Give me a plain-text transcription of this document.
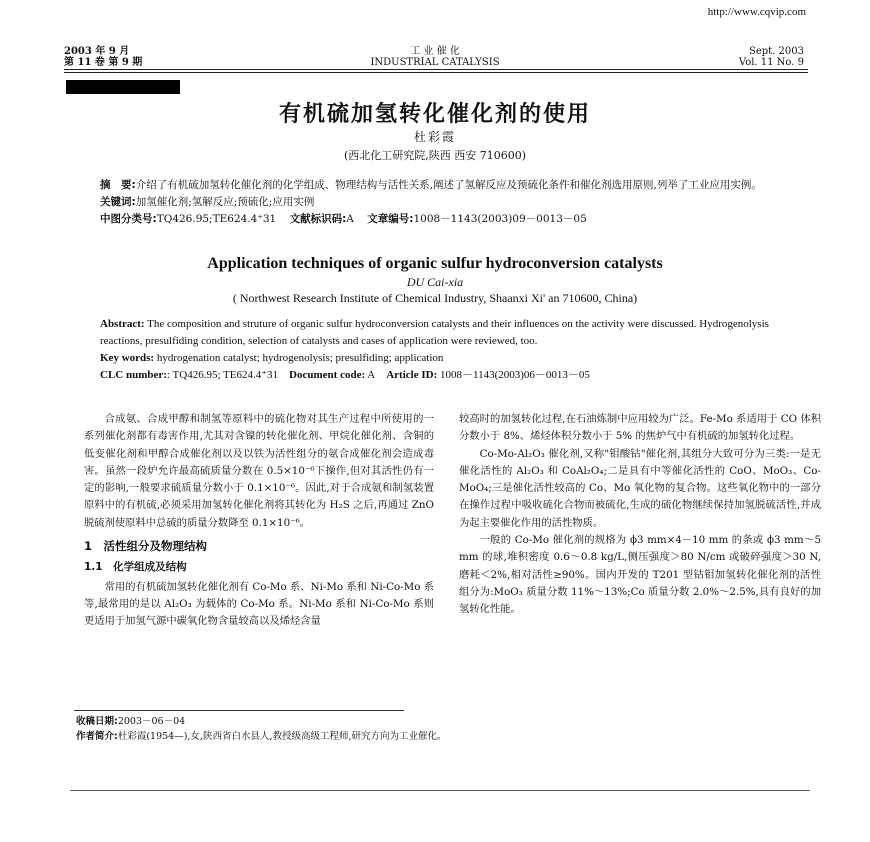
http://www.cqvip.com
2003 年 9 月
第 11 卷 第 9 期
工 业 催 化
INDUSTRIAL CATALYSIS
Sept. 2003
Vol. 11 No. 9
有机硫加氢转化催化剂的使用
杜彩霞
(西北化工研究院,陕西 西安 710600)
摘　要:介绍了有机硫加氢转化催化剂的化学组成、物理结构与活性关系,阐述了氢解反应及预硫化条件和催化剂选用原则,列举了工业应用实例。
关键词:加氢催化剂;氢解反应;预硫化;应用实例
中图分类号:TQ426.95;TE624.4⁺31 文献标识码:A 文章编号:1008－1143(2003)09－0013－05
Application techniques of organic sulfur hydroconversion catalysts
DU Cai-xia
( Northwest Research Institute of Chemical Industry, Shaanxi Xi' an 710600, China)
Abstract: The composition and struture of organic sulfur hydroconversion catalysts and their influences on the activity were discussed. Hydrogenolysis reactions, presulfiding condition, selection of catalysts and cases of application were reviewed, too.
Key words: hydrogenation catalyst; hydrogenolysis; presulfiding; application
CLC number:: TQ426.95; TE624.4⁺31 Document code: A Article ID: 1008－1143(2003)06－0013－05

合成氨、合成甲醇和制氢等原料中的硫化物对其生产过程中所使用的一系列催化剂都有毒害作用,尤其对含镍的转化催化剂、甲烷化催化剂、含铜的低变催化剂和甲醇合成催化剂以及以铁为活性组分的氨合成催化剂会造成毒害。虽然一段炉允许最高硫质量分数在 0.5×10⁻⁶下操作,但对其活性仍有一定的影响,一般要求硫质量分数小于 0.1×10⁻⁶。因此,对于合成氨和制氢装置原料中的有机硫,必须采用加氢转化催化剂将其转化为 H₂S 之后,再通过 ZnO 脱硫剂使原料中总硫的质量分数降至 0.1×10⁻⁶。

1　活性组分及物理结构
1.1　化学组成及结构

常用的有机硫加氢转化催化剂有 Co-Mo 系、Ni-Mo 系和 Ni-Co-Mo 系等,最常用的是以 Al₂O₃ 为载体的 Co-Mo 系。Ni-Mo 系和 Ni-Co-Mo 系则更适用于加氢气源中碳氧化物含量较高以及烯烃含量

较高时的加氢转化过程,在石油炼制中应用较为广泛。Fe-Mo 系适用于 CO 体积分数小于 8%、烯烃体积分数小于 5% 的焦炉气中有机硫的加氢转化过程。

Co-Mo-Al₂O₃ 催化剂,又称"钼酸钴"催化剂,其组分大致可分为三类:一是无催化活性的 Al₂O₃ 和 CoAl₂O₄;二是具有中等催化活性的 CoO、MoO₃、Co-MoO₄;三是催化活性较高的 Co、Mo 氧化物的复合物。这些氧化物中的一部分在操作过程中吸收硫化合物而被硫化,生成的硫化物继续保持加氢脱硫活性,并成为起主要催化作用的活性物质。

一般的 Co-Mo 催化剂的规格为 ϕ3 mm×4－10 mm 的条或 ϕ3 mm～5 mm 的球,堆积密度 0.6～0.8 kg/L,侧压强度＞80 N/cm 或破碎强度＞30 N,磨耗＜2%,相对活性≥90%。国内开发的 T201 型钴钼加氢转化催化剂的活性组分为:MoO₃ 质量分数 11%～13%;Co 质量分数 2.0%～2.5%,具有良好的加氢转化性能。

收稿日期:2003－06－04
作者简介:杜彩霞(1954—),女,陕西省白水县人,教授级高级工程师,研究方向为工业催化。
